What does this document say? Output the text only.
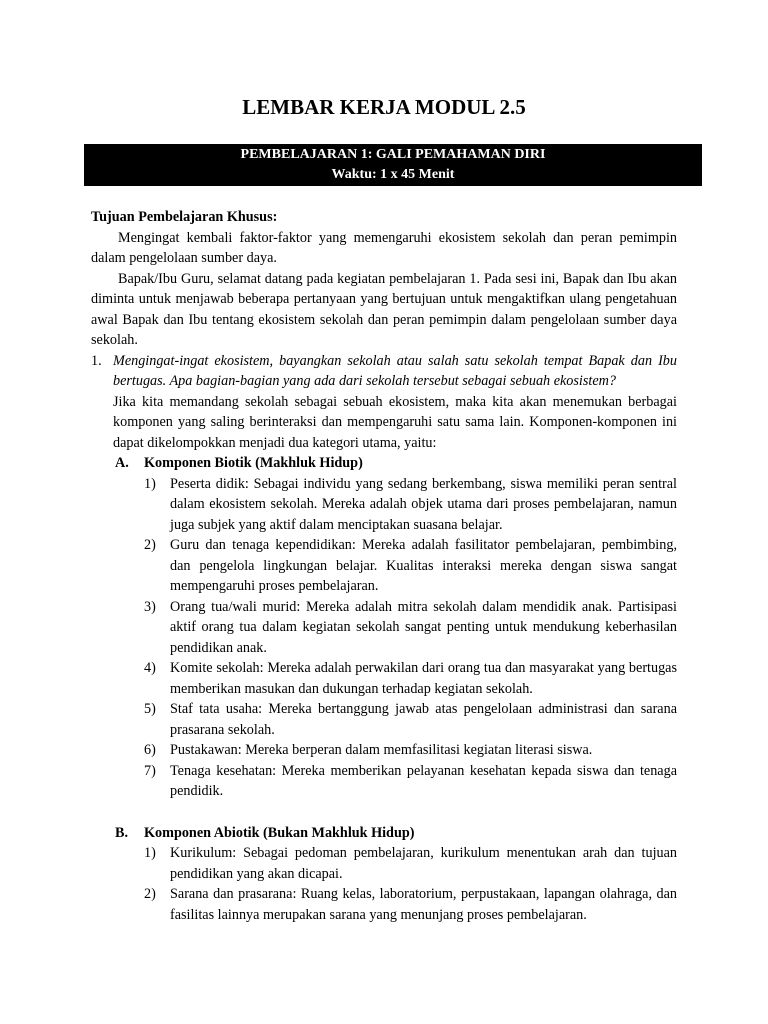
LEMBAR KERJA MODUL 2.5
PEMBELAJARAN 1: GALI PEMAHAMAN DIRI
Waktu: 1 x 45 Menit

Tujuan Pembelajaran Khusus:

Mengingat kembali faktor-faktor yang memengaruhi ekosistem sekolah dan peran pemimpin dalam pengelolaan sumber daya.

Bapak/Ibu Guru, selamat datang pada kegiatan pembelajaran 1. Pada sesi ini, Bapak dan Ibu akan diminta untuk menjawab beberapa pertanyaan yang bertujuan untuk mengaktifkan ulang pengetahuan awal Bapak dan Ibu tentang ekosistem sekolah dan peran pemimpin dalam pengelolaan sumber daya sekolah.

1. Mengingat-ingat ekosistem, bayangkan sekolah atau salah satu sekolah tempat Bapak dan Ibu bertugas. Apa bagian-bagian yang ada dari sekolah tersebut sebagai sebuah ekosistem?

Jika kita memandang sekolah sebagai sebuah ekosistem, maka kita akan menemukan berbagai komponen yang saling berinteraksi dan mempengaruhi satu sama lain. Komponen-komponen ini dapat dikelompokkan menjadi dua kategori utama, yaitu:

A. Komponen Biotik (Makhluk Hidup)
1) Peserta didik: Sebagai individu yang sedang berkembang, siswa memiliki peran sentral dalam ekosistem sekolah. Mereka adalah objek utama dari proses pembelajaran, namun juga subjek yang aktif dalam menciptakan suasana belajar.
2) Guru dan tenaga kependidikan: Mereka adalah fasilitator pembelajaran, pembimbing, dan pengelola lingkungan belajar. Kualitas interaksi mereka dengan siswa sangat mempengaruhi proses pembelajaran.
3) Orang tua/wali murid: Mereka adalah mitra sekolah dalam mendidik anak. Partisipasi aktif orang tua dalam kegiatan sekolah sangat penting untuk mendukung keberhasilan pendidikan anak.
4) Komite sekolah: Mereka adalah perwakilan dari orang tua dan masyarakat yang bertugas memberikan masukan dan dukungan terhadap kegiatan sekolah.
5) Staf tata usaha: Mereka bertanggung jawab atas pengelolaan administrasi dan sarana prasarana sekolah.
6) Pustakawan: Mereka berperan dalam memfasilitasi kegiatan literasi siswa.
7) Tenaga kesehatan: Mereka memberikan pelayanan kesehatan kepada siswa dan tenaga pendidik.
B. Komponen Abiotik (Bukan Makhluk Hidup)
1) Kurikulum: Sebagai pedoman pembelajaran, kurikulum menentukan arah dan tujuan pendidikan yang akan dicapai.
2) Sarana dan prasarana: Ruang kelas, laboratorium, perpustakaan, lapangan olahraga, dan fasilitas lainnya merupakan sarana yang menunjang proses pembelajaran.
